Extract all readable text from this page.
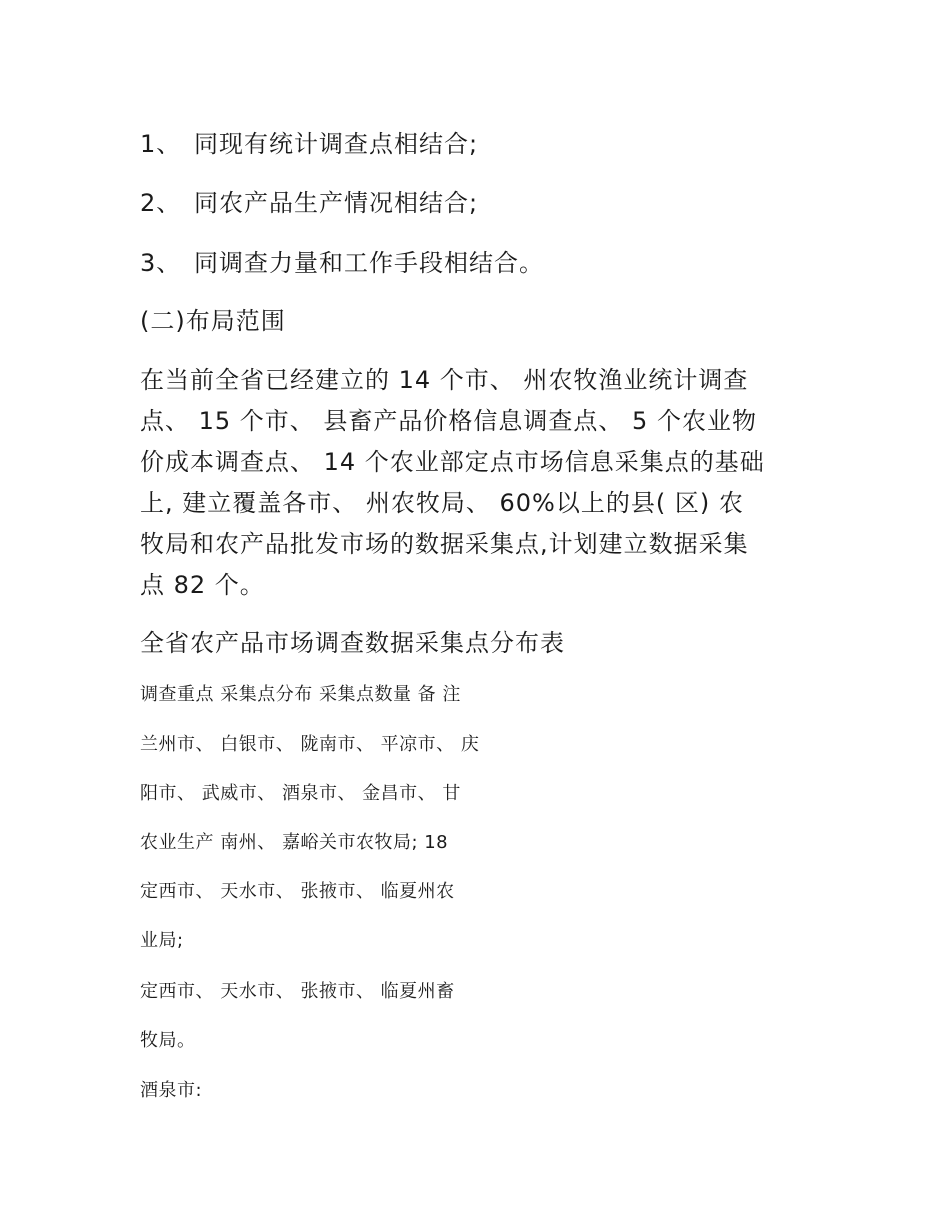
1、 同现有统计调查点相结合;
2、 同农产品生产情况相结合;
3、 同调查力量和工作手段相结合。
(二)布局范围
在当前全省已经建立的 14 个市、 州农牧渔业统计调查
点、 15 个市、 县畜产品价格信息调查点、 5 个农业物
价成本调查点、 14 个农业部定点市场信息采集点的基础
上, 建立覆盖各市、 州农牧局、 60%以上的县( 区) 农
牧局和农产品批发市场的数据采集点,计划建立数据采集
点 82 个。
全省农产品市场调查数据采集点分布表
调查重点 采集点分布 采集点数量 备 注
兰州市、 白银市、 陇南市、 平凉市、 庆
阳市、 武威市、 酒泉市、 金昌市、 甘
农业生产 南州、 嘉峪关市农牧局; 18
定西市、 天水市、 张掖市、 临夏州农
业局;
定西市、 天水市、 张掖市、 临夏州畜
牧局。
酒泉市:
